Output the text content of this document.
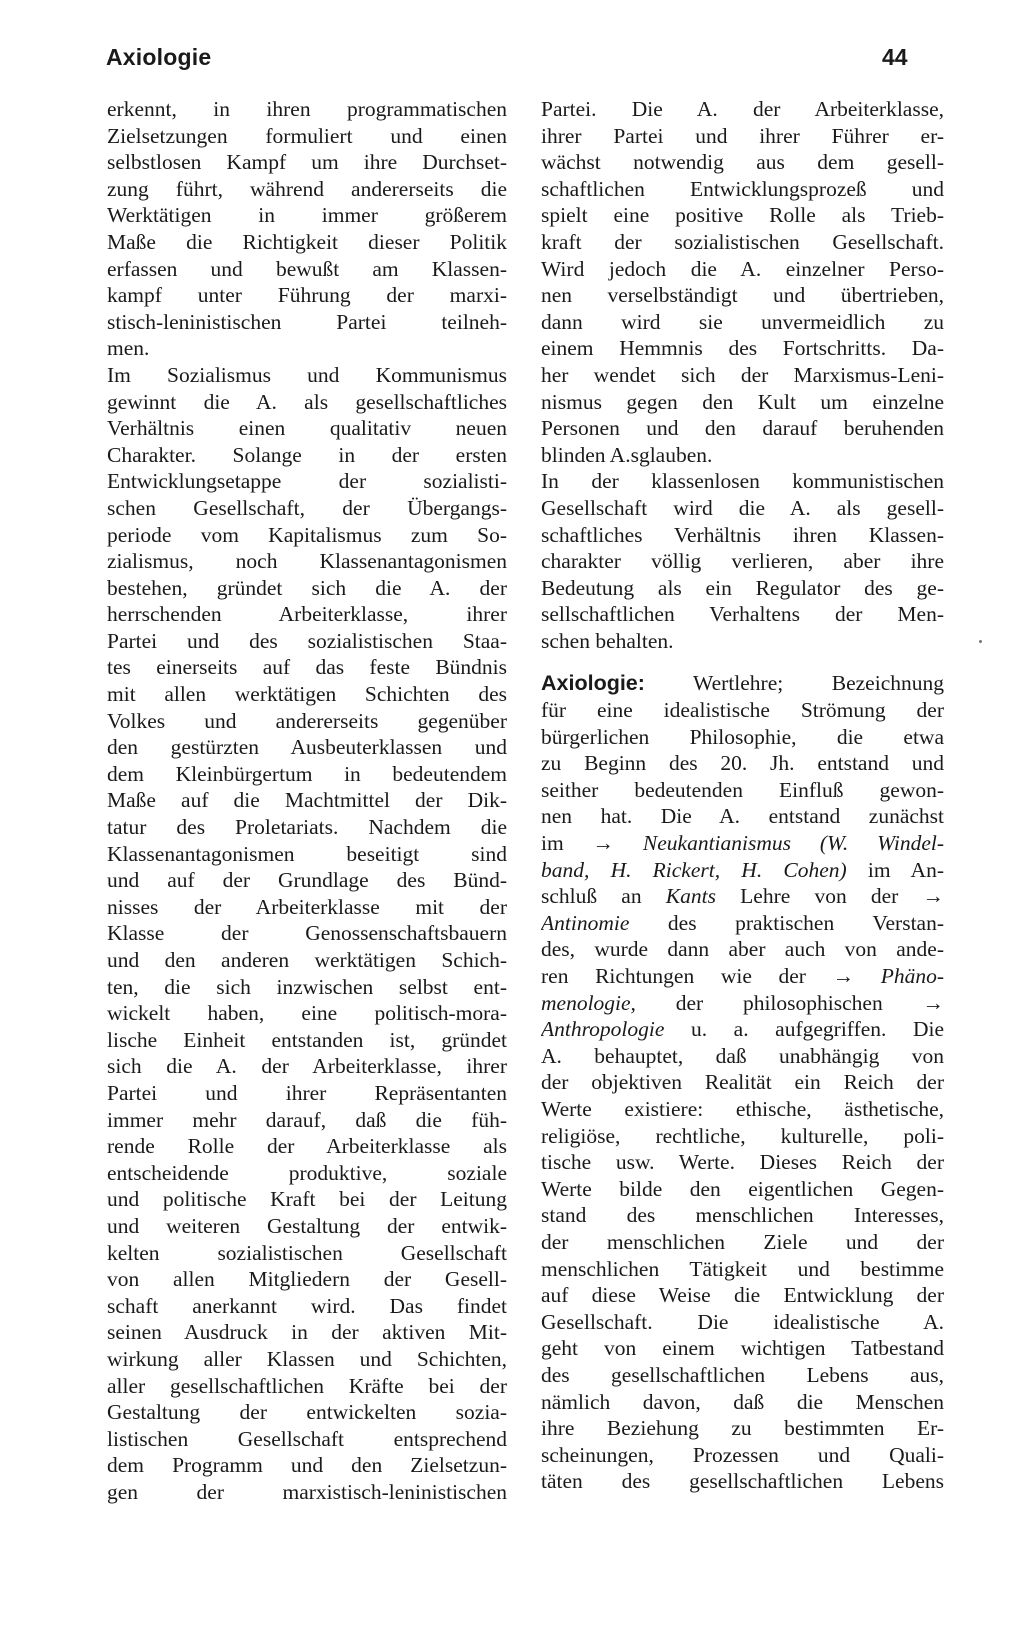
Axiologie	44
erkennt, in ihren programmatischen
Zielsetzungen formuliert und einen
selbstlosen Kampf um ihre Durchset-
zung führt, während andererseits die
Werktätigen in immer größerem
Maße die Richtigkeit dieser Politik
erfassen und bewußt am Klassen-
kampf unter Führung der marxi-
stisch-leninistischen Partei teilneh-
men.
Im Sozialismus und Kommunismus
gewinnt die A. als gesellschaftliches
Verhältnis einen qualitativ neuen
Charakter. Solange in der ersten
Entwicklungsetappe der sozialisti-
schen Gesellschaft, der Übergangs-
periode vom Kapitalismus zum So-
zialismus, noch Klassenantagonismen
bestehen, gründet sich die A. der
herrschenden Arbeiterklasse, ihrer
Partei und des sozialistischen Staa-
tes einerseits auf das feste Bündnis
mit allen werktätigen Schichten des
Volkes und andererseits gegenüber
den gestürzten Ausbeuterklassen und
dem Kleinbürgertum in bedeutendem
Maße auf die Machtmittel der Dik-
tatur des Proletariats. Nachdem die
Klassenantagonismen beseitigt sind
und auf der Grundlage des Bünd-
nisses der Arbeiterklasse mit der
Klasse der Genossenschaftsbauern
und den anderen werktätigen Schich-
ten, die sich inzwischen selbst ent-
wickelt haben, eine politisch-mora-
lische Einheit entstanden ist, gründet
sich die A. der Arbeiterklasse, ihrer
Partei und ihrer Repräsentanten
immer mehr darauf, daß die füh-
rende Rolle der Arbeiterklasse als
entscheidende produktive, soziale
und politische Kraft bei der Leitung
und weiteren Gestaltung der entwik-
kelten sozialistischen Gesellschaft
von allen Mitgliedern der Gesell-
schaft anerkannt wird. Das findet
seinen Ausdruck in der aktiven Mit-
wirkung aller Klassen und Schichten,
aller gesellschaftlichen Kräfte bei der
Gestaltung der entwickelten sozia-
listischen Gesellschaft entsprechend
dem Programm und den Zielsetzun-
gen der marxistisch-leninistischen
Partei. Die A. der Arbeiterklasse,
ihrer Partei und ihrer Führer er-
wächst notwendig aus dem gesell-
schaftlichen Entwicklungsprozeß und
spielt eine positive Rolle als Trieb-
kraft der sozialistischen Gesellschaft.
Wird jedoch die A. einzelner Perso-
nen verselbständigt und übertrieben,
dann wird sie unvermeidlich zu
einem Hemmnis des Fortschritts. Da-
her wendet sich der Marxismus-Leni-
nismus gegen den Kult um einzelne
Personen und den darauf beruhenden
blinden A.sglauben.
In der klassenlosen kommunistischen
Gesellschaft wird die A. als gesell-
schaftliches Verhältnis ihren Klassen-
charakter völlig verlieren, aber ihre
Bedeutung als ein Regulator des ge-
sellschaftlichen Verhaltens der Men-
schen behalten.
Axiologie: Wertlehre; Bezeichnung
für eine idealistische Strömung der
bürgerlichen Philosophie, die etwa
zu Beginn des 20. Jh. entstand und
seither bedeutenden Einfluß gewon-
nen hat. Die A. entstand zunächst
im → Neukantianismus (W. Windel-
band, H. Rickert, H. Cohen) im An-
schluß an Kants Lehre von der →
Antinomie des praktischen Verstan-
des, wurde dann aber auch von ande-
ren Richtungen wie der → Phäno-
menologie, der philosophischen →
Anthropologie u. a. aufgegriffen. Die
A. behauptet, daß unabhängig von
der objektiven Realität ein Reich der
Werte existiere: ethische, ästhetische,
religiöse, rechtliche, kulturelle, poli-
tische usw. Werte. Dieses Reich der
Werte bilde den eigentlichen Gegen-
stand des menschlichen Interesses,
der menschlichen Ziele und der
menschlichen Tätigkeit und bestimme
auf diese Weise die Entwicklung der
Gesellschaft. Die idealistische A.
geht von einem wichtigen Tatbestand
des gesellschaftlichen Lebens aus,
nämlich davon, daß die Menschen
ihre Beziehung zu bestimmten Er-
scheinungen, Prozessen und Quali-
täten des gesellschaftlichen Lebens
